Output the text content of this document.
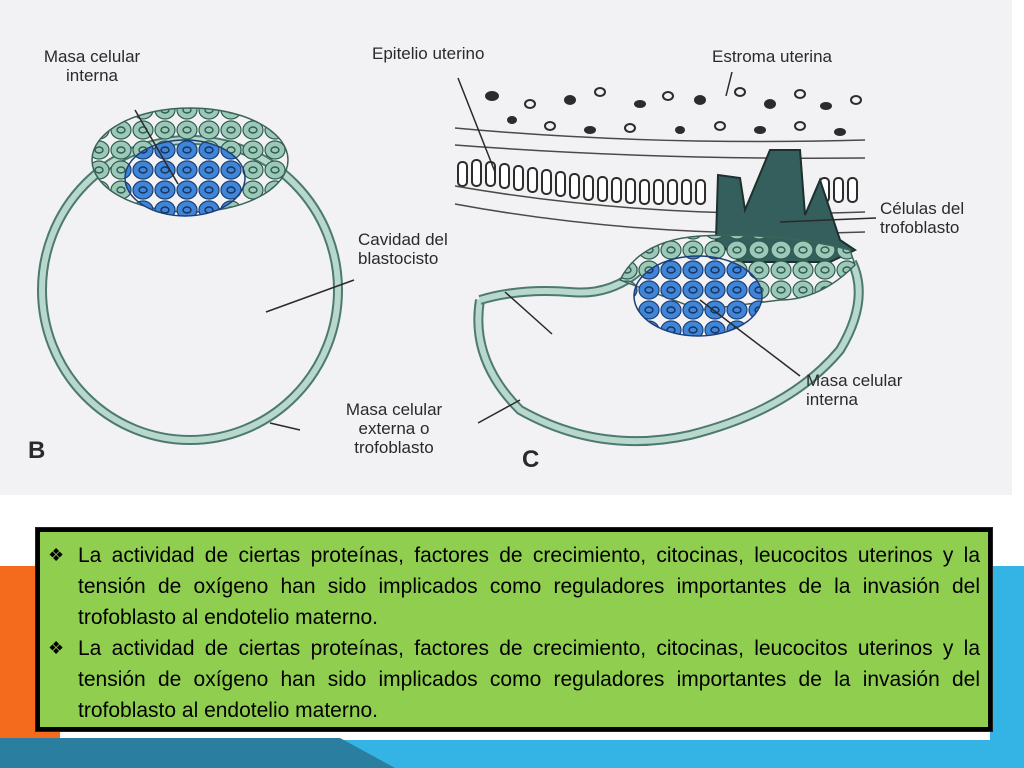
Masa celular
interna
Epitelio uterino	Estroma uterina
Células del
trofoblasto
Cavidad del
blastocisto
Masa celular
interna
Masa celular
externa o
trofoblasto
B	C
❖ La actividad de ciertas proteínas, factores de crecimiento, citocinas, leucocitos uterinos y la tensión de oxígeno han sido implicados como reguladores importantes de la invasión del trofoblasto al endotelio materno.
❖ La actividad de ciertas proteínas, factores de crecimiento, citocinas, leucocitos uterinos y la tensión de oxígeno han sido implicados como reguladores importantes de la invasión del trofoblasto al endotelio materno.
